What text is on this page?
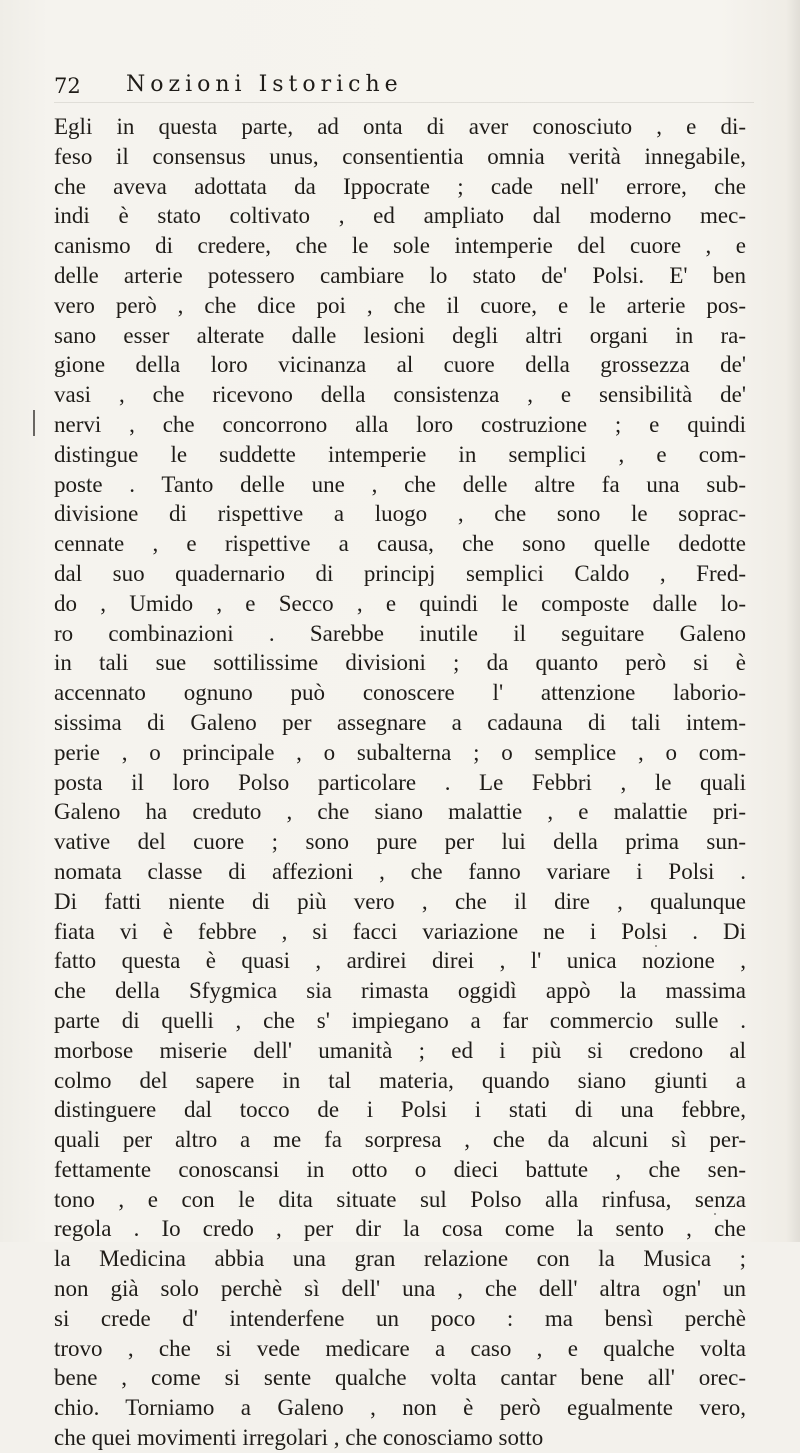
72 Nozioni Istoriche
Egli in questa parte, ad onta di aver conosciuto , e di-
feso il consensus unus, consentientia omnia verità innegabile,
che aveva adottata da Ippocrate ; cade nell' errore, che
indi è stato coltivato , ed ampliato dal moderno mec-
canismo di credere, che le sole intemperie del cuore , e
delle arterie potessero cambiare lo stato de' Polsi. E' ben
vero però , che dice poi , che il cuore, e le arterie pos-
sano esser alterate dalle lesioni degli altri organi in ra-
gione della loro vicinanza al cuore della grossezza de'
vasi , che ricevono della consistenza , e sensibilità de'
nervi , che concorrono alla loro costruzione ; e quindi
distingue le suddette intemperie in semplici , e com-
poste . Tanto delle une , che delle altre fa una sub-
divisione di rispettive a luogo , che sono le soprac-
cennate , e rispettive a causa, che sono quelle dedotte
dal suo quadernario di principj semplici Caldo , Fred-
do , Umido , e Secco , e quindi le composte dalle lo-
ro combinazioni . Sarebbe inutile il seguitare Galeno
in tali sue sottilissime divisioni ; da quanto però si è
accennato ognuno può conoscere l' attenzione laborio-
sissima di Galeno per assegnare a cadauna di tali intem-
perie , o principale , o subalterna ; o semplice , o com-
posta il loro Polso particolare . Le Febbri , le quali
Galeno ha creduto , che siano malattie , e malattie pri-
vative del cuore ; sono pure per lui della prima sun-
nomata classe di affezioni , che fanno variare i Polsi .
Di fatti niente di più vero , che il dire , qualunque
fiata vi è febbre , si facci variazione ne i Polsi . Di
fatto questa è quasi , ardirei direi , l' unica nozione ,
che della Sfygmica sia rimasta oggidì appò la massima
parte di quelli , che s' impiegano a far commercio sulle .
morbose miserie dell' umanità ; ed i più si credono al
colmo del sapere in tal materia, quando siano giunti a
distinguere dal tocco de i Polsi i stati di una febbre,
quali per altro a me fa sorpresa , che da alcuni sì per-
fettamente conoscansi in otto o dieci battute , che sen-
tono , e con le dita situate sul Polso alla rinfusa, senza
regola . Io credo , per dir la cosa come la sento , che
la Medicina abbia una gran relazione con la Musica ;
non già solo perchè sì dell' una , che dell' altra ogn' un
si crede d' intenderfene un poco : ma bensì perchè
trovo , che si vede medicare a caso , e qualche volta
bene , come si sente qualche volta cantar bene all' orec-
chio. Torniamo a Galeno , non è però egualmente vero,
che quei movimenti irregolari , che conosciamo sotto
